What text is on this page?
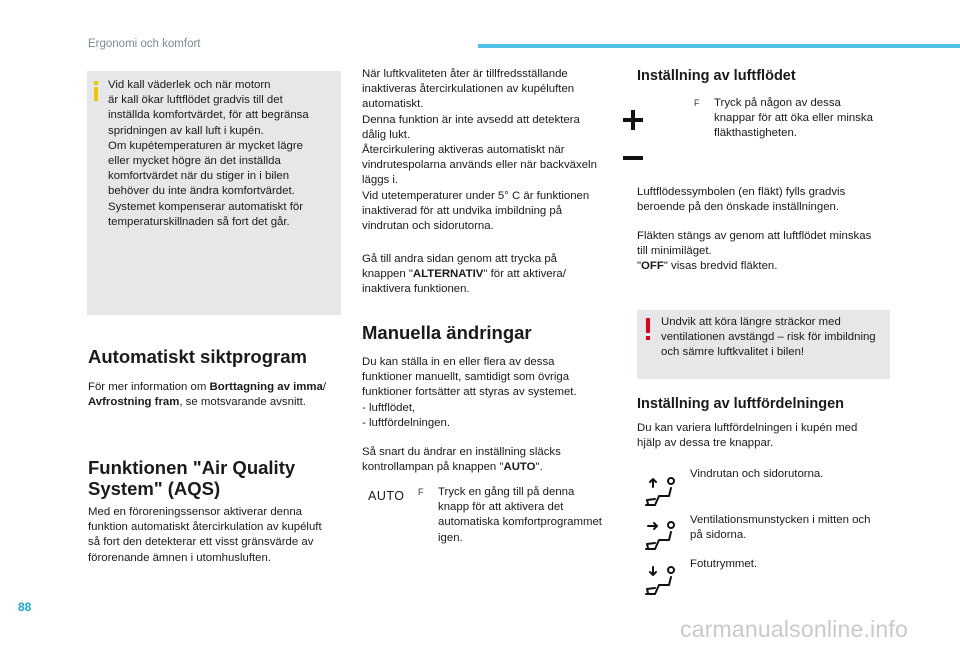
Ergonomi och komfort
Vid kall väderlek och när motorn
är kall ökar luftflödet gradvis till det
inställda komfortvärdet, för att begränsa
spridningen av kall luft i kupén.
Om kupétemperaturen är mycket lägre
eller mycket högre än det inställda
komfortvärdet när du stiger in i bilen
behöver du inte ändra komfortvärdet.
Systemet kompenserar automatiskt för
temperaturskillnaden så fort det går.
Automatiskt siktprogram
För mer information om Borttagning av imma/
Avfrostning fram, se motsvarande avsnitt.
Funktionen "Air Quality
System" (AQS)
Med en föroreningssensor aktiverar denna
funktion automatiskt återcirkulation av kupéluft
så fort den detekterar ett visst gränsvärde av
förorenande ämnen i utomhusluften.
När luftkvaliteten åter är tillfredsställande
inaktiveras återcirkulationen av kupéluften
automatiskt.
Denna funktion är inte avsedd att detektera
dålig lukt.
Återcirkulering aktiveras automatiskt när
vindrutespolarna används eller när backväxeln
läggs i.
Vid utetemperaturer under 5° C är funktionen
inaktiverad för att undvika imbildning på
vindrutan och sidorutorna.
Gå till andra sidan genom att trycka på
knappen "ALTERNATIV" för att aktivera/
inaktivera funktionen.
Manuella ändringar
Du kan ställa in en eller flera av dessa
funktioner manuellt, samtidigt som övriga
funktioner fortsätter att styras av systemet.
- luftflödet,
- luftfördelningen.
Så snart du ändrar en inställning släcks
kontrollampan på knappen "AUTO".
AUTO F Tryck en gång till på denna
knapp för att aktivera det
automatiska komfortprogrammet
igen.
Inställning av luftflödet
F Tryck på någon av dessa
knappar för att öka eller minska
fläkthastigheten.
Luftflödessymbolen (en fläkt) fylls gradvis
beroende på den önskade inställningen.
Fläkten stängs av genom att luftflödet minskas
till minimiläget.
"OFF" visas bredvid fläkten.
Undvik att köra längre sträckor med
ventilationen avstängd – risk för imbildning
och sämre luftkvalitet i bilen!
Inställning av luftfördelningen
Du kan variera luftfördelningen i kupén med
hjälp av dessa tre knappar.
Vindrutan och sidorutorna.
Ventilationsmunstycken i mitten och
på sidorna.
Fotutrymmet.
88
carmanualsonline.info
